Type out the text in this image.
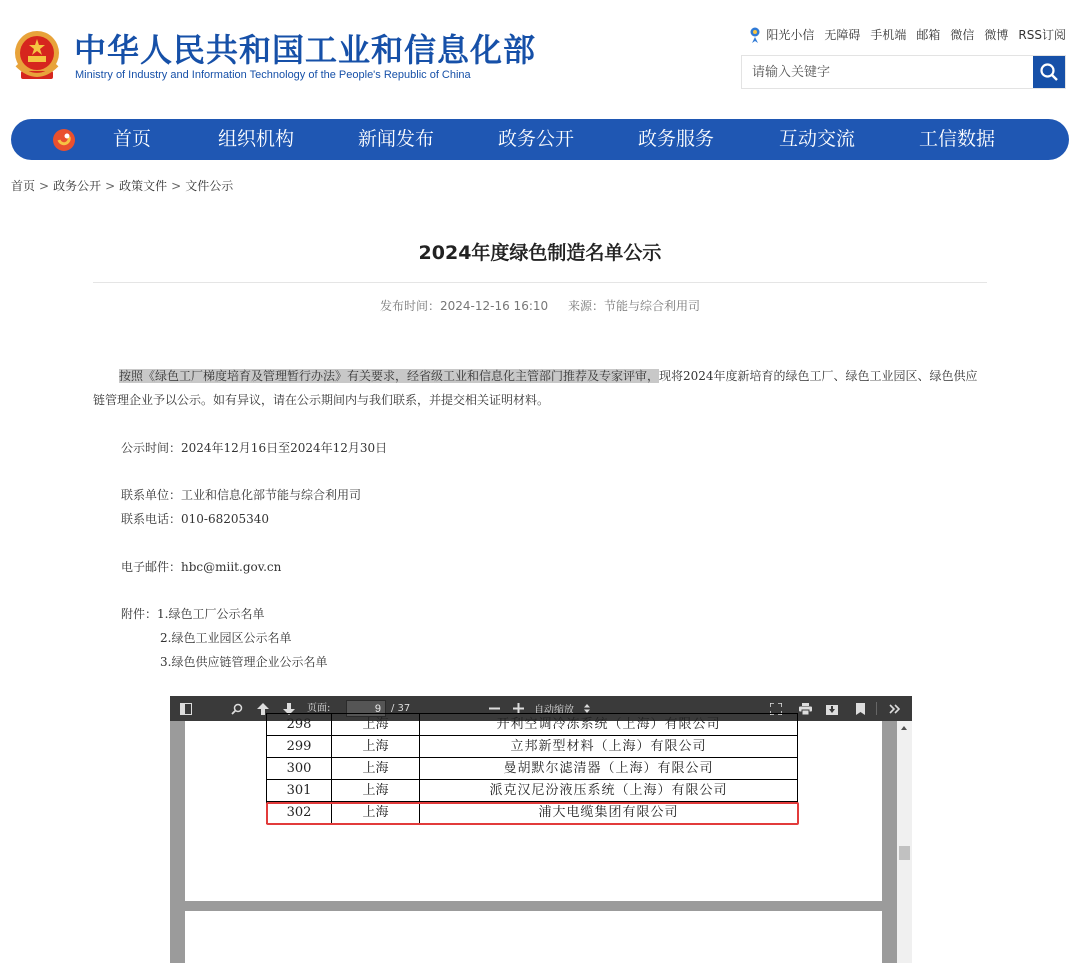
中华人民共和国工业和信息化部
Ministry of Industry and Information Technology of the People's Republic of China
阳光小信 无障碍 手机端 邮箱 微信 微博 RSS订阅
请输入关键字
首页	组织机构	新闻发布	政务公开	政务服务	互动交流	工信数据
首页 > 政务公开 > 政策文件 > 文件公示
2024年度绿色制造名单公示
发布时间：2024-12-16 16:10 来源：节能与综合利用司
按照《绿色工厂梯度培育及管理暂行办法》有关要求，经省级工业和信息化主管部门推荐及专家评审，现将2024年度新培育的绿色工厂、绿色工业园区、绿色供应链管理企业予以公示。如有异议，请在公示期间内与我们联系，并提交相关证明材料。
公示时间：2024年12月16日至2024年12月30日
联系单位：工业和信息化部节能与综合利用司
联系电话：010-68205340
电子邮件：hbc@miit.gov.cn
附件：1.绿色工厂公示名单
2.绿色工业园区公示名单
3.绿色供应链管理企业公示名单
页面:
9	/ 37	自动缩放
298	上海	开利空调冷冻系统（上海）有限公司
299	上海	立邦新型材料（上海）有限公司
300	上海	曼胡默尔滤清器（上海）有限公司
301	上海	派克汉尼汾液压系统（上海）有限公司
302	上海	浦大电缆集团有限公司
